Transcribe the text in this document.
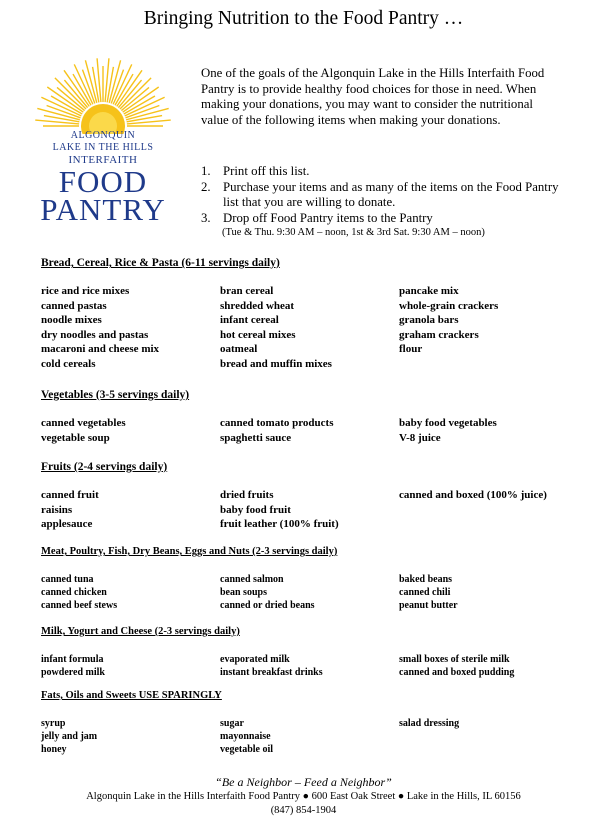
Bringing Nutrition to the Food Pantry …
ALGONQUIN
LAKE IN THE HILLS
INTERFAITH
FOOD
PANTRY
One of the goals of the Algonquin Lake in the Hills Interfaith Food Pantry is to provide healthy food choices for those in need. When making your donations, you may want to consider the nutritional value of the following items when making your donations.
1. Print off this list.
2. Purchase your items and as many of the items on the Food Pantry list that you are willing to donate.
3. Drop off Food Pantry items to the Pantry
(Tue & Thu. 9:30 AM – noon, 1st & 3rd Sat. 9:30 AM – noon)
Bread, Cereal, Rice & Pasta (6-11 servings daily)
rice and rice mixes
canned pastas
noodle mixes
dry noodles and pastas
macaroni and cheese mix
cold cereals
bran cereal
shredded wheat
infant cereal
hot cereal mixes
oatmeal
bread and muffin mixes
pancake mix
whole-grain crackers
granola bars
graham crackers
flour
Vegetables (3-5 servings daily)
canned vegetables
vegetable soup
canned tomato products
spaghetti sauce
baby food vegetables
V-8 juice
Fruits (2-4 servings daily)
canned fruit
raisins
applesauce
dried fruits
baby food fruit
fruit leather (100% fruit)
canned and boxed (100% juice)
Meat, Poultry, Fish, Dry Beans, Eggs and Nuts (2-3 servings daily)
canned tuna
canned chicken
canned beef stews
canned salmon
bean soups
canned or dried beans
baked beans
canned chili
peanut butter
Milk, Yogurt and Cheese (2-3 servings daily)
infant formula
powdered milk
evaporated milk
instant breakfast drinks
small boxes of sterile milk
canned and boxed pudding
Fats, Oils and Sweets USE SPARINGLY
syrup
jelly and jam
honey
sugar
mayonnaise
vegetable oil
salad dressing
“Be a Neighbor – Feed a Neighbor”
Algonquin Lake in the Hills Interfaith Food Pantry ● 600 East Oak Street ● Lake in the Hills, IL 60156
(847) 854-1904
